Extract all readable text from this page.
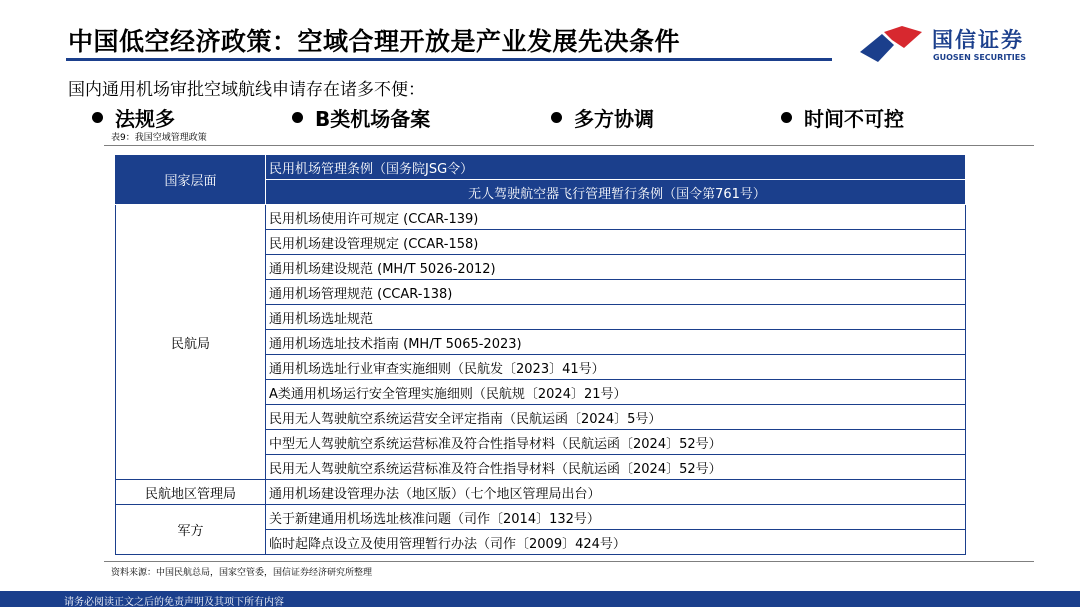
中国低空经济政策：空域合理开放是产业发展先决条件	国信证券
GUOSEN SECURITIES
国内通用机场审批空域航线申请存在诸多不便：
法规多	B类机场备案	多方协调	时间不可控
表9：我国空域管理政策
国家层面	民用机场管理条例（国务院JSG令）
	无人驾驶航空器飞行管理暂行条例（国令第761号）
民航局	民用机场使用许可规定 (CCAR-139)
	民用机场建设管理规定 (CCAR-158)
	通用机场建设规范 (MH/T 5026-2012)
	通用机场管理规范 (CCAR-138)
	通用机场选址规范
	通用机场选址技术指南 (MH/T 5065-2023)
	通用机场选址行业审查实施细则（民航发〔2023〕41号）
	A类通用机场运行安全管理实施细则（民航规〔2024〕21号）
	民用无人驾驶航空系统运营安全评定指南（民航运函〔2024〕5号）
	中型无人驾驶航空系统运营标准及符合性指导材料（民航运函〔2024〕52号）
	民用无人驾驶航空系统运营标准及符合性指导材料（民航运函〔2024〕52号）
民航地区管理局	通用机场建设管理办法（地区版）（七个地区管理局出台）
军方	关于新建通用机场选址核准问题（司作〔2014〕132号）
	临时起降点设立及使用管理暂行办法（司作〔2009〕424号）
资料来源：中国民航总局，国家空管委，国信证券经济研究所整理
请务必阅读正文之后的免责声明及其项下所有内容
